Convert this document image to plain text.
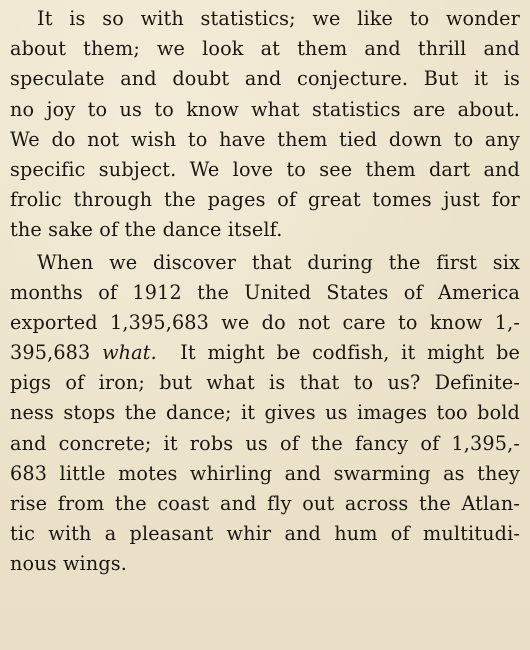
It is so with statistics; we like to wonder
about them; we look at them and thrill and
speculate and doubt and conjecture. But it is
no joy to us to know what statistics are about.
We do not wish to have them tied down to any
specific subject. We love to see them dart and
frolic through the pages of great tomes just for
the sake of the dance itself.

When we discover that during the first six
months of 1912 the United States of America
exported 1,395,683 we do not care to know 1,-
395,683 what. It might be codfish, it might be
pigs of iron; but what is that to us? Definite-
ness stops the dance; it gives us images too bold
and concrete; it robs us of the fancy of 1,395,-
683 little motes whirling and swarming as they
rise from the coast and fly out across the Atlan-
tic with a pleasant whir and hum of multitudi-
nous wings.
